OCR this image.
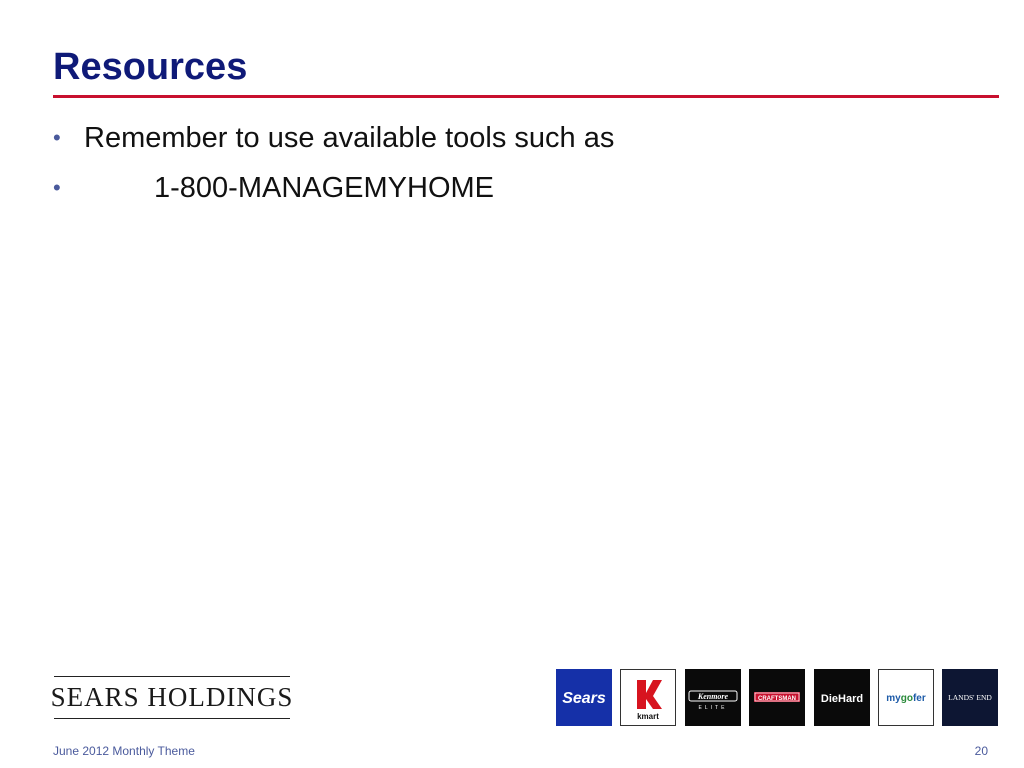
Resources
• Remember to use available tools such as
•	1-800-MANAGEMYHOME
SEARS HOLDINGS	Sears
kmart
Kenmore
ELITE
CRAFTSMAN DieHard mygofer	LANDS' END
June 2012 Monthly Theme	20
